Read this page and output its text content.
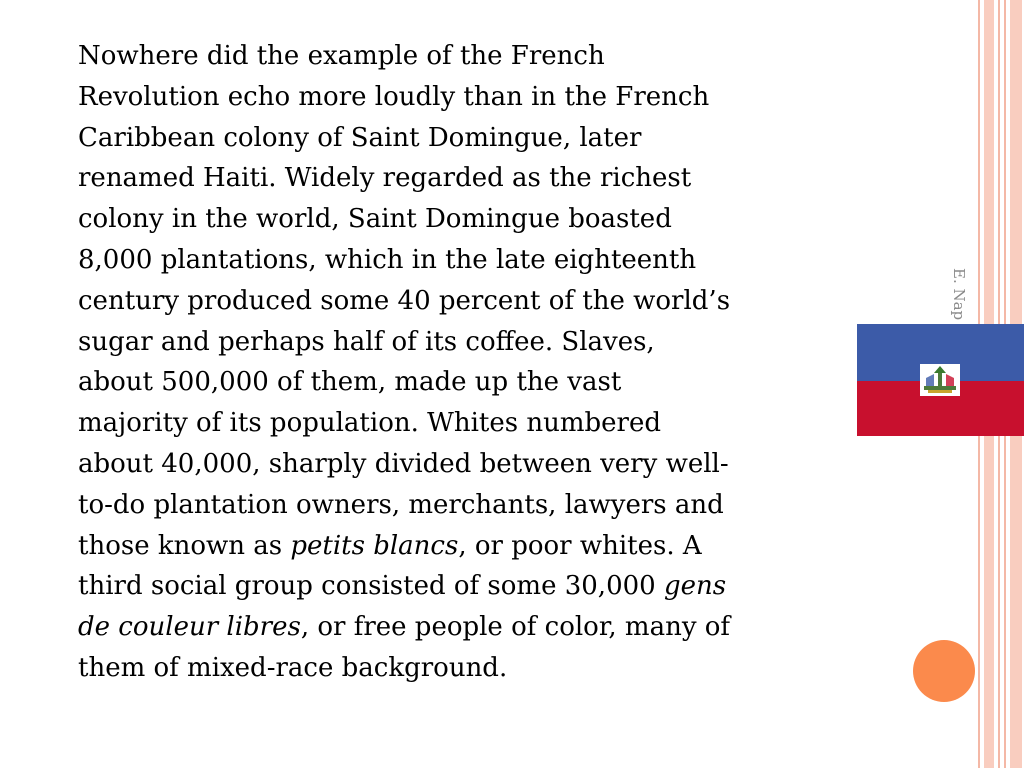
Nowhere did the example of the French
Revolution echo more loudly than in the French
Caribbean colony of Saint Domingue, later
renamed Haiti. Widely regarded as the richest
colony in the world, Saint Domingue boasted
8,000 plantations, which in the late eighteenth
century produced some 40 percent of the world’s
sugar and perhaps half of its coffee. Slaves,
about 500,000 of them, made up the vast
majority of its population. Whites numbered
about 40,000, sharply divided between very well-
to-do plantation owners, merchants, lawyers and
those known as petits blancs, or poor whites. A
third social group consisted of some 30,000 gens
de couleur libres, or free people of color, many of
them of mixed-race background.

E. Nap
